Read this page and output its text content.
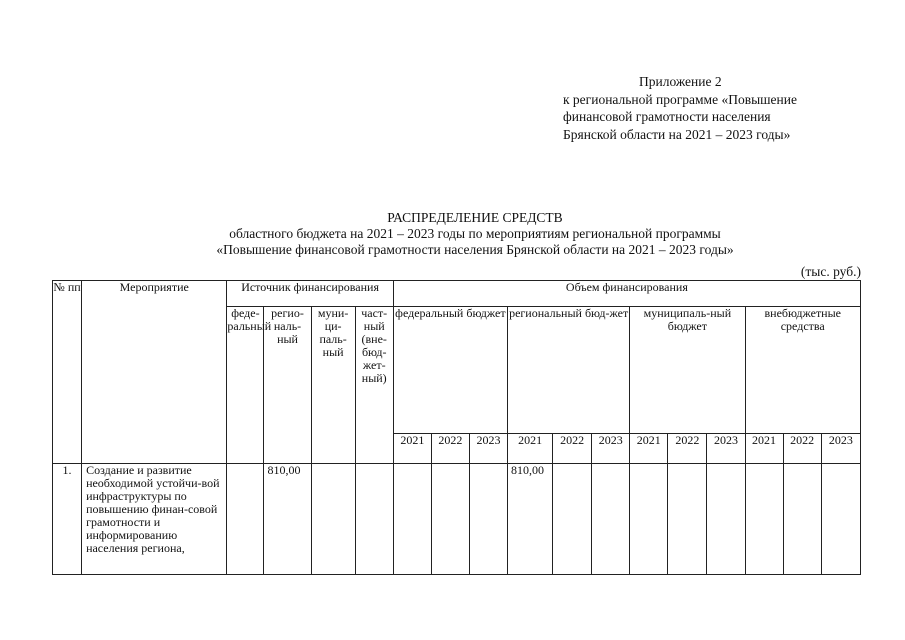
Приложение 2
к региональной программе «Повышение
финансовой грамотности населения
Брянской области на 2021 – 2023 годы»
РАСПРЕДЕЛЕНИЕ СРЕДСТВ
областного бюджета на 2021 – 2023 годы по мероприятиям региональной программы
«Повышение финансовой грамотности населения Брянской области на 2021 – 2023 годы»
(тыс. руб.)
№ пп	Мероприятие	Источник финансирования				Объем финансирования											
		феде-ральный	регио-наль-ный	муни-ци-паль-ный	част-ный (вне-бюд-жет-ный)	федеральный бюджет			региональный бюд-жет			муниципаль-ный бюджет			внебюджетные средства		
						2021	2022	2023	2021	2022	2023	2021	2022	2023	2021	2022	2023
1.	Создание и развитие необходимой устойчи-вой инфраструктуры по повышению финан-совой грамотности и информированию населения региона,		810,00						810,00								
